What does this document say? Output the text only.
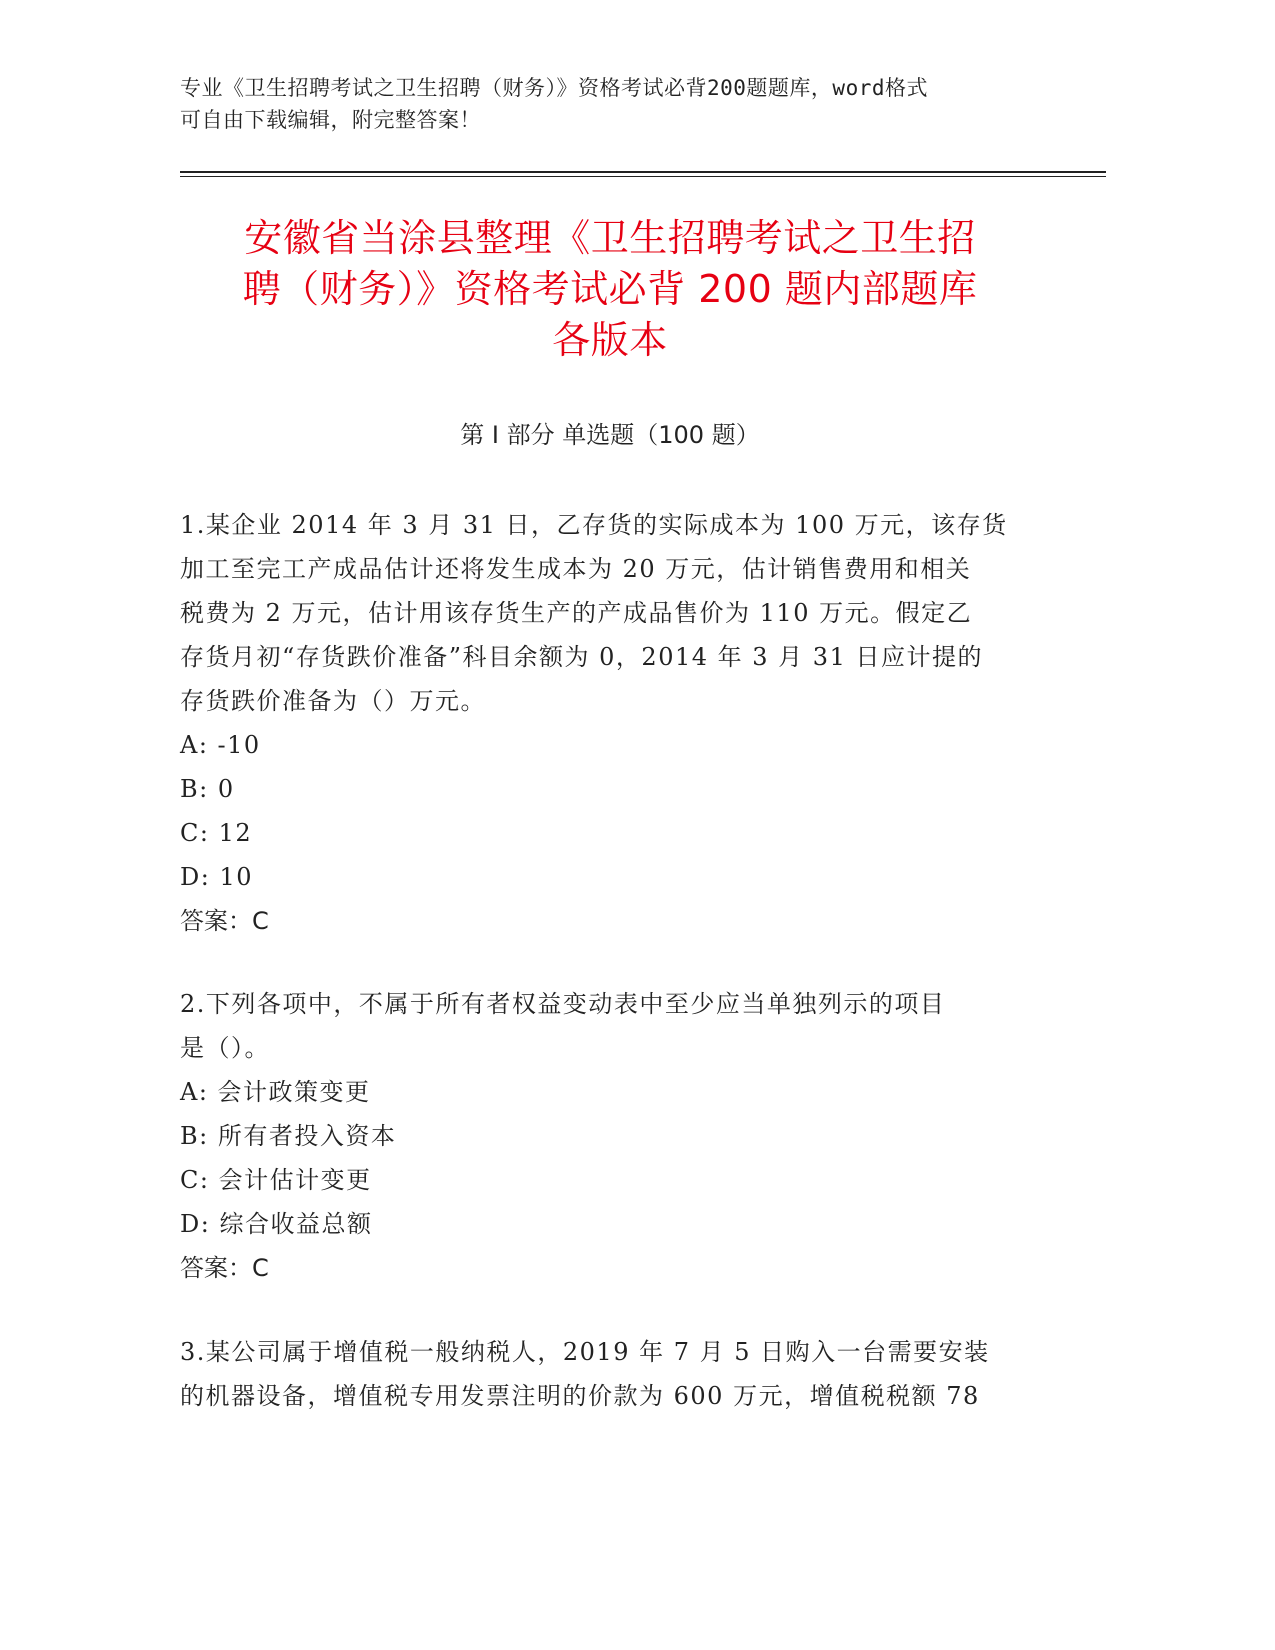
专业《卫生招聘考试之卫生招聘（财务）》资格考试必背200题题库，word格式
可自由下载编辑，附完整答案！
安徽省当涂县整理《卫生招聘考试之卫生招
聘（财务）》资格考试必背 200 题内部题库
各版本
第 I 部分 单选题（100 题）
1.某企业 2014 年 3 月 31 日，乙存货的实际成本为 100 万元，该存货
加工至完工产成品估计还将发生成本为 20 万元，估计销售费用和相关
税费为 2 万元，估计用该存货生产的产成品售价为 110 万元。假定乙
存货月初“存货跌价准备”科目余额为 0，2014 年 3 月 31 日应计提的
存货跌价准备为（）万元。
A: -10
B: 0
C: 12
D: 10
答案：C
2.下列各项中，不属于所有者权益变动表中至少应当单独列示的项目
是（）。
A: 会计政策变更
B: 所有者投入资本
C: 会计估计变更
D: 综合收益总额
答案：C
3.某公司属于增值税一般纳税人，2019 年 7 月 5 日购入一台需要安装
的机器设备，增值税专用发票注明的价款为 600 万元，增值税税额 78
